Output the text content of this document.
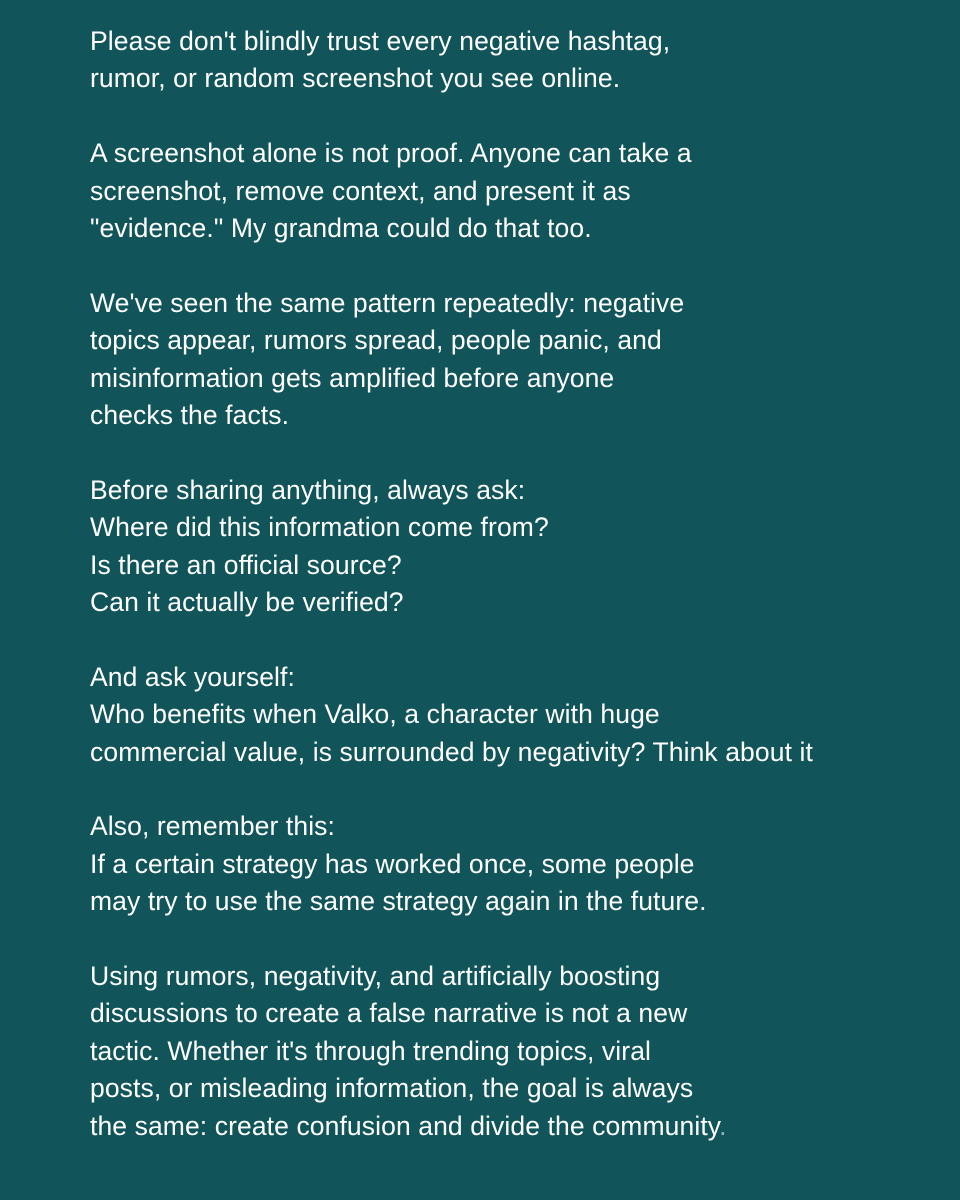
Please don't blindly trust every negative hashtag,
rumor, or random screenshot you see online.

A screenshot alone is not proof. Anyone can take a
screenshot, remove context, and present it as
"evidence." My grandma could do that too.

We've seen the same pattern repeatedly: negative
topics appear, rumors spread, people panic, and
misinformation gets amplified before anyone
checks the facts.

Before sharing anything, always ask:
Where did this information come from?
Is there an official source?
Can it actually be verified?

And ask yourself:
Who benefits when Valko, a character with huge
commercial value, is surrounded by negativity? Think about it

Also, remember this:
If a certain strategy has worked once, some people
may try to use the same strategy again in the future.

Using rumors, negativity, and artificially boosting
discussions to create a false narrative is not a new
tactic. Whether it's through trending topics, viral
posts, or misleading information, the goal is always
the same: create confusion and divide the community.
